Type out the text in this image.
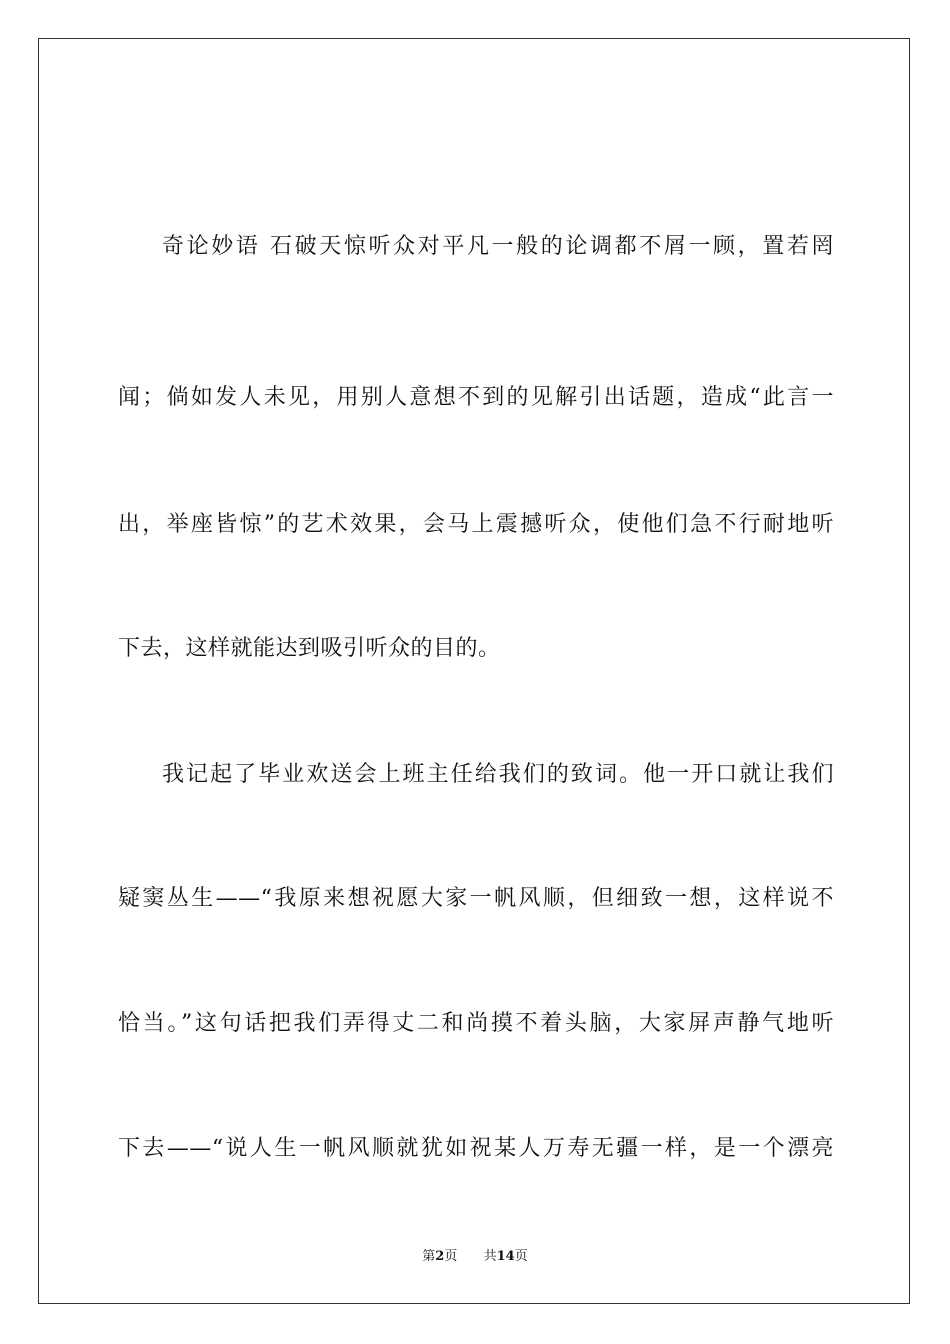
奇论妙语 石破天惊听众对平凡一般的论调都不屑一顾，置若罔
闻；倘如发人未见，用别人意想不到的见解引出话题，造成“此言一
出，举座皆惊”的艺术效果，会马上震撼听众，使他们急不行耐地听
下去，这样就能达到吸引听众的目的。
我记起了毕业欢送会上班主任给我们的致词。他一开口就让我们
疑窦丛生——“我原来想祝愿大家一帆风顺，但细致一想，这样说不
恰当。”这句话把我们弄得丈二和尚摸不着头脑，大家屏声静气地听
下去——“说人生一帆风顺就犹如祝某人万寿无疆一样，是一个漂亮
第2页 共14页
